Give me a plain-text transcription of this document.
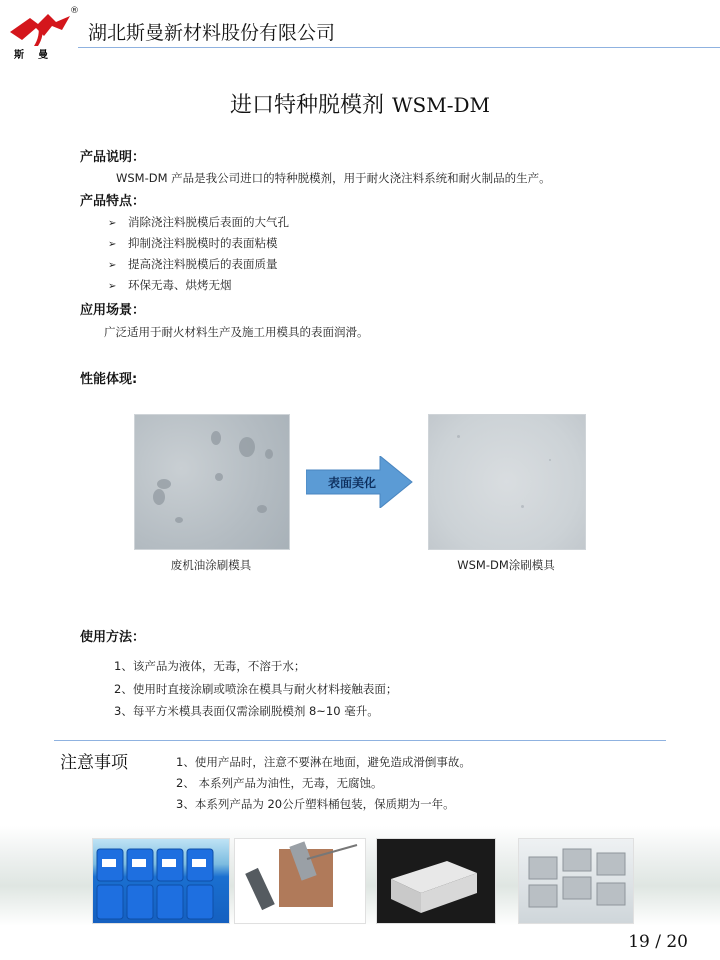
®
斯曼
湖北斯曼新材料股份有限公司
进口特种脱模剂 WSM-DM
产品说明：
WSM-DM 产品是我公司进口的特种脱模剂，用于耐火浇注料系统和耐火制品的生产。
产品特点：
➢ 消除浇注料脱模后表面的大气孔
➢ 抑制浇注料脱模时的表面粘模
➢ 提高浇注料脱模后的表面质量
➢ 环保无毒、烘烤无烟
应用场景：
广泛适用于耐火材料生产及施工用模具的表面润滑。
性能体现:
表面美化
废机油涂刷模具	WSM-DM涂刷模具
使用方法：
1、该产品为液体，无毒，不溶于水；
2、使用时直接涂刷或喷涂在模具与耐火材料接触表面；
3、每平方米模具表面仅需涂刷脱模剂 8~10 毫升。
注意事项	1、使用产品时，注意不要淋在地面，避免造成滑倒事故。
2、 本系列产品为油性，无毒，无腐蚀。
3、本系列产品为 20公斤塑料桶包装，保质期为一年。
19 / 20
